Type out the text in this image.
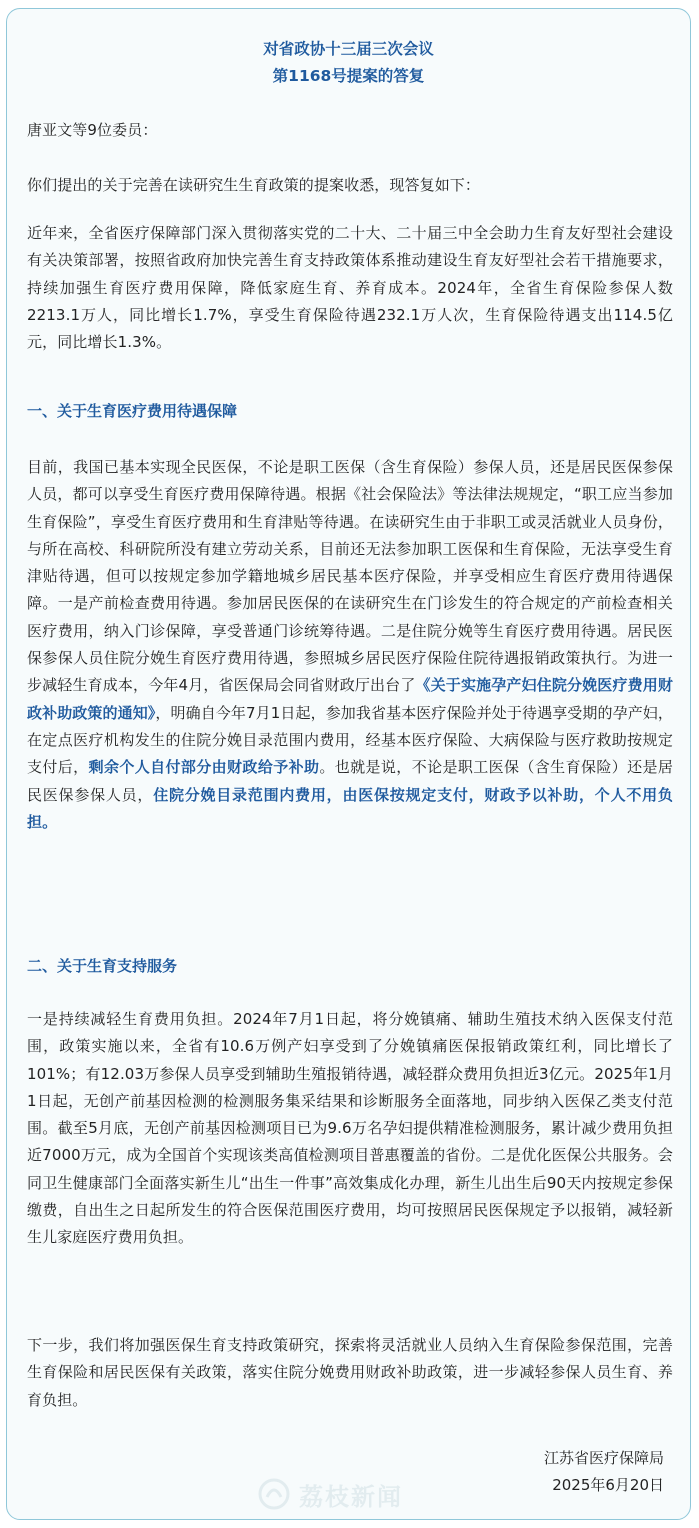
对省政协十三届三次会议
第1168号提案的答复

唐亚文等9位委员：

你们提出的关于完善在读研究生生育政策的提案收悉，现答复如下：

近年来，全省医疗保障部门深入贯彻落实党的二十大、二十届三中全会助力生育友好型社会建设有关决策部署，按照省政府加快完善生育支持政策体系推动建设生育友好型社会若干措施要求，持续加强生育医疗费用保障，降低家庭生育、养育成本。2024年，全省生育保险参保人数2213.1万人，同比增长1.7%，享受生育保险待遇232.1万人次，生育保险待遇支出114.5亿元，同比增长1.3%。

一、关于生育医疗费用待遇保障

目前，我国已基本实现全民医保，不论是职工医保（含生育保险）参保人员，还是居民医保参保人员，都可以享受生育医疗费用保障待遇。根据《社会保险法》等法律法规规定，“职工应当参加生育保险”，享受生育医疗费用和生育津贴等待遇。在读研究生由于非职工或灵活就业人员身份，与所在高校、科研院所没有建立劳动关系，目前还无法参加职工医保和生育保险，无法享受生育津贴待遇，但可以按规定参加学籍地城乡居民基本医疗保险，并享受相应生育医疗费用待遇保障。一是产前检查费用待遇。参加居民医保的在读研究生在门诊发生的符合规定的产前检查相关医疗费用，纳入门诊保障，享受普通门诊统筹待遇。二是住院分娩等生育医疗费用待遇。居民医保参保人员住院分娩生育医疗费用待遇，参照城乡居民医疗保险住院待遇报销政策执行。为进一步减轻生育成本，今年4月，省医保局会同省财政厅出台了《关于实施孕产妇住院分娩医疗费用财政补助政策的通知》，明确自今年7月1日起，参加我省基本医疗保险并处于待遇享受期的孕产妇，在定点医疗机构发生的住院分娩目录范围内费用，经基本医疗保险、大病保险与医疗救助按规定支付后，剩余个人自付部分由财政给予补助。也就是说，不论是职工医保（含生育保险）还是居民医保参保人员，住院分娩目录范围内费用，由医保按规定支付，财政予以补助，个人不用负担。

二、关于生育支持服务

一是持续减轻生育费用负担。2024年7月1日起，将分娩镇痛、辅助生殖技术纳入医保支付范围，政策实施以来，全省有10.6万例产妇享受到了分娩镇痛医保报销政策红利，同比增长了101%；有12.03万参保人员享受到辅助生殖报销待遇，减轻群众费用负担近3亿元。2025年1月1日起，无创产前基因检测的检测服务集采结果和诊断服务全面落地，同步纳入医保乙类支付范围。截至5月底，无创产前基因检测项目已为9.6万名孕妇提供精准检测服务，累计减少费用负担近7000万元，成为全国首个实现该类高值检测项目普惠覆盖的省份。二是优化医保公共服务。会同卫生健康部门全面落实新生儿“出生一件事”高效集成化办理，新生儿出生后90天内按规定参保缴费，自出生之日起所发生的符合医保范围医疗费用，均可按照居民医保规定予以报销，减轻新生儿家庭医疗费用负担。

下一步，我们将加强医保生育支持政策研究，探索将灵活就业人员纳入生育保险参保范围，完善生育保险和居民医保有关政策，落实住院分娩费用财政补助政策，进一步减轻参保人员生育、养育负担。

江苏省医疗保障局

2025年6月20日

荔枝新闻
